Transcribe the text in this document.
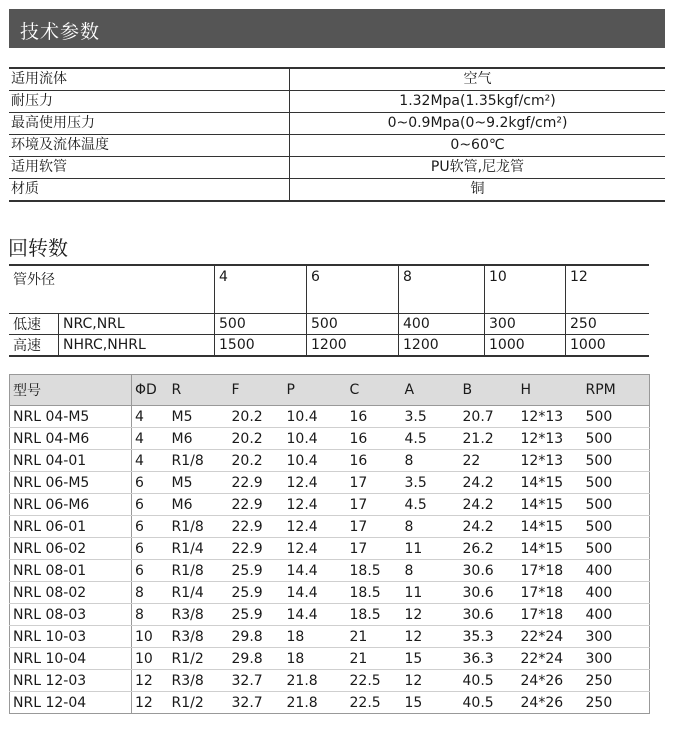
技术参数
适用流体	空气
耐压力	1.32Mpa(1.35kgf/cm²)
最高使用压力	0~0.9Mpa(0~9.2kgf/cm²)
环境及流体温度	0~60℃
适用软管	PU软管,尼龙管
材质	铜
回转数
管外径		4	6	8	10	12
低速	NRC,NRL	500	500	400	300	250
高速	NHRC,NHRL	1500	1200	1200	1000	1000
型号	ΦD	R	F	P	C	A	B	H	RPM
NRL 04-M5	4	M5	20.2	10.4	16	3.5	20.7	12*13	500
NRL 04-M6	4	M6	20.2	10.4	16	4.5	21.2	12*13	500
NRL 04-01	4	R1/8	20.2	10.4	16	8	22	12*13	500
NRL 06-M5	6	M5	22.9	12.4	17	3.5	24.2	14*15	500
NRL 06-M6	6	M6	22.9	12.4	17	4.5	24.2	14*15	500
NRL 06-01	6	R1/8	22.9	12.4	17	8	24.2	14*15	500
NRL 06-02	6	R1/4	22.9	12.4	17	11	26.2	14*15	500
NRL 08-01	6	R1/8	25.9	14.4	18.5	8	30.6	17*18	400
NRL 08-02	8	R1/4	25.9	14.4	18.5	11	30.6	17*18	400
NRL 08-03	8	R3/8	25.9	14.4	18.5	12	30.6	17*18	400
NRL 10-03	10	R3/8	29.8	18	21	12	35.3	22*24	300
NRL 10-04	10	R1/2	29.8	18	21	15	36.3	22*24	300
NRL 12-03	12	R3/8	32.7	21.8	22.5	12	40.5	24*26	250
NRL 12-04	12	R1/2	32.7	21.8	22.5	15	40.5	24*26	250
